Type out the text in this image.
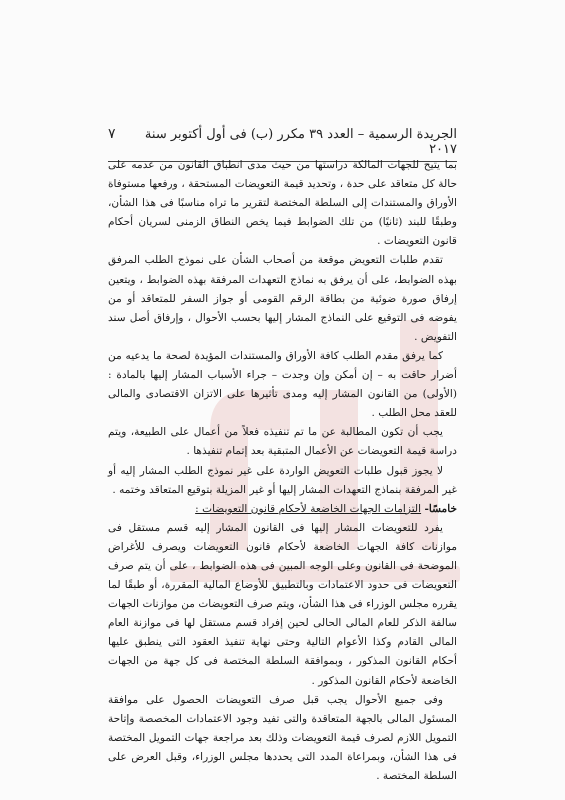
الجريدة الرسمية – العدد ٣٩ مكرر (ب) فى أول أكتوبر سنة ٢٠١٧
٧

بما يتيح للجهات المالكة دراستها من حيث مدى انطباق القانون من عدمه على حالة كل متعاقد على حدة ، وتحديد قيمة التعويضات المستحقة ، ورفعها مستوفاة الأوراق والمستندات إلى السلطة المختصة لتقرير ما تراه مناسبًا فى هذا الشأن، وطبقًا للبند (ثانيًا) من تلك الضوابط فيما يخص النطاق الزمنى لسريان أحكام قانون التعويضات .

تقدم طلبات التعويض موقعة من أصحاب الشأن على نموذج الطلب المرفق بهذه الضوابط، على أن يرفق به نماذج التعهدات المرفقة بهذه الضوابط ، ويتعين إرفاق صورة ضوئية من بطاقة الرقم القومى أو جواز السفر للمتعاقد أو من يفوضه فى التوقيع على النماذج المشار إليها بحسب الأحوال ، وإرفاق أصل سند التفويض .

كما يرفق مقدم الطلب كافة الأوراق والمستندات المؤيدة لصحة ما يدعيه من أضرار حاقت به – إن أمكن وإن وجدت – جراء الأسباب المشار إليها بالمادة : (الأولى) من القانون المشار إليه ومدى تأثيرها على الاتزان الاقتصادى والمالى للعقد محل الطلب .

يجب أن تكون المطالبة عن ما تم تنفيذه فعلاً من أعمال على الطبيعة، ويتم دراسة قيمة التعويضات عن الأعمال المتبقية بعد إتمام تنفيذها .

لا يجوز قبول طلبات التعويض الواردة على غير نموذج الطلب المشار إليه أو غير المرفقة بنماذج التعهدات المشار إليها أو غير المزيلة بتوقيع المتعاقد وختمه .

خامسًا- التزامات الجهات الخاضعة لأحكام قانون التعويضات :

يفرد للتعويضات المشار إليها فى القانون المشار إليه قسم مستقل فى موازنات كافة الجهات الخاضعة لأحكام قانون التعويضات ويصرف للأغراض الموضحة فى القانون وعلى الوجه المبين فى هذه الضوابط ، على أن يتم صرف التعويضات فى حدود الاعتمادات وبالتطبيق للأوضاع المالية المقررة، أو طبقًا لما يقرره مجلس الوزراء فى هذا الشأن، ويتم صرف التعويضات من موازنات الجهات سالفة الذكر للعام المالى الحالى لحين إفراد قسم مستقل لها فى موازنة العام المالى القادم وكذا الأعوام التالية وحتى نهاية تنفيذ العقود التى ينطبق عليها أحكام القانون المذكور ، وبموافقة السلطة المختصة فى كل جهة من الجهات الخاضعة لأحكام القانون المذكور .

وفى جميع الأحوال يجب قبل صرف التعويضات الحصول على موافقة المسئول المالى بالجهة المتعاقدة والتى تفيد وجود الاعتمادات المخصصة وإتاحة التمويل اللازم لصرف قيمة التعويضات وذلك بعد مراجعة جهات التمويل المختصة فى هذا الشأن، وبمراعاة المدد التى يحددها مجلس الوزراء، وقبل العرض على السلطة المختصة .
